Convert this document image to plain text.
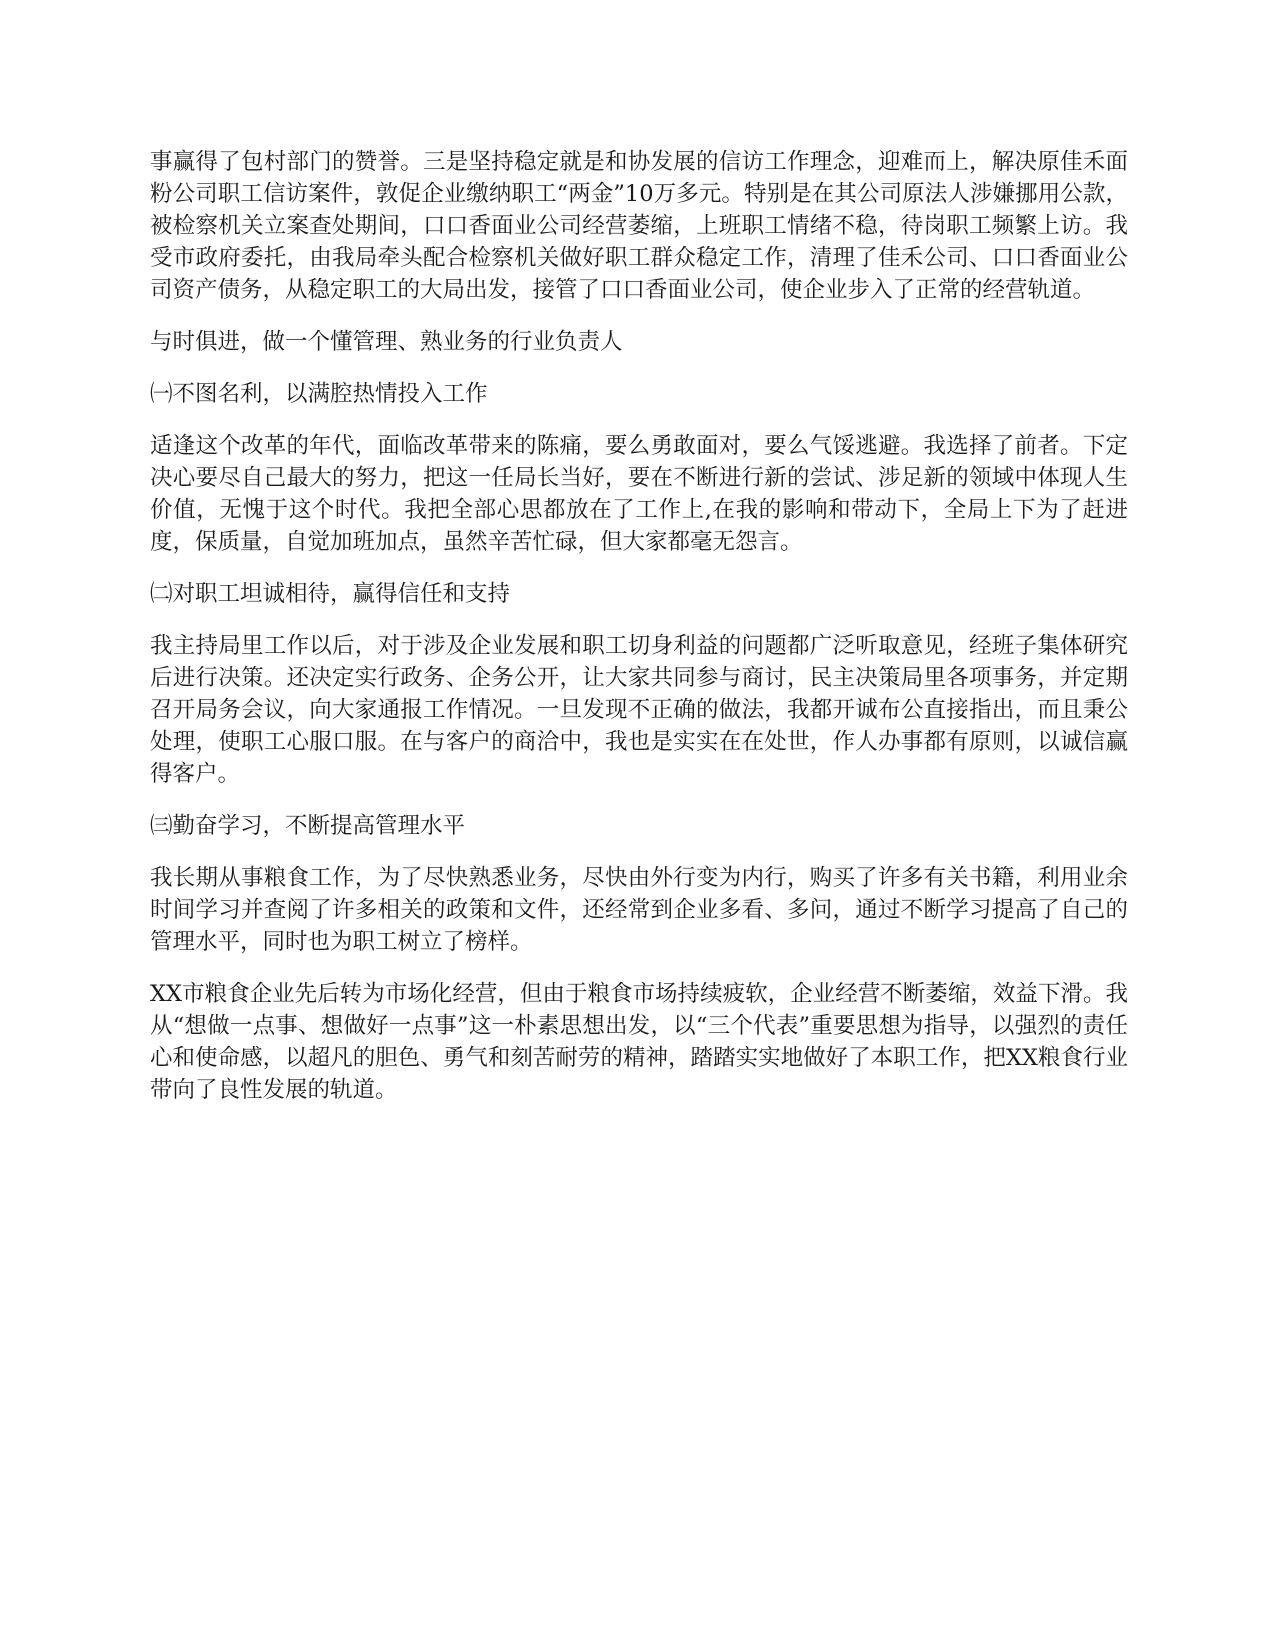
事赢得了包村部门的赞誉。三是坚持稳定就是和协发展的信访工作理念，迎难而上，解决原佳禾面粉公司职工信访案件，敦促企业缴纳职工“两金”10万多元。特别是在其公司原法人涉嫌挪用公款，被检察机关立案查处期间，口口香面业公司经营萎缩，上班职工情绪不稳，待岗职工频繁上访。我受市政府委托，由我局牵头配合检察机关做好职工群众稳定工作，清理了佳禾公司、口口香面业公司资产债务，从稳定职工的大局出发，接管了口口香面业公司，使企业步入了正常的经营轨道。

与时俱进，做一个懂管理、熟业务的行业负责人

㈠不图名利，以满腔热情投入工作

适逢这个改革的年代，面临改革带来的陈痛，要么勇敢面对，要么气馁逃避。我选择了前者。下定决心要尽自己最大的努力，把这一任局长当好，要在不断进行新的尝试、涉足新的领域中体现人生价值，无愧于这个时代。我把全部心思都放在了工作上,在我的影响和带动下，全局上下为了赶进度，保质量，自觉加班加点，虽然辛苦忙碌，但大家都毫无怨言。

㈡对职工坦诚相待，赢得信任和支持

我主持局里工作以后，对于涉及企业发展和职工切身利益的问题都广泛听取意见，经班子集体研究后进行决策。还决定实行政务、企务公开，让大家共同参与商讨，民主决策局里各项事务，并定期召开局务会议，向大家通报工作情况。一旦发现不正确的做法，我都开诚布公直接指出，而且秉公处理，使职工心服口服。在与客户的商洽中，我也是实实在在处世，作人办事都有原则，以诚信赢得客户。

㈢勤奋学习，不断提高管理水平

我长期从事粮食工作，为了尽快熟悉业务，尽快由外行变为内行，购买了许多有关书籍，利用业余时间学习并查阅了许多相关的政策和文件，还经常到企业多看、多问，通过不断学习提高了自己的管理水平，同时也为职工树立了榜样。

XX市粮食企业先后转为市场化经营，但由于粮食市场持续疲软，企业经营不断萎缩，效益下滑。我从“想做一点事、想做好一点事”这一朴素思想出发，以“三个代表”重要思想为指导，以强烈的责任心和使命感，以超凡的胆色、勇气和刻苦耐劳的精神，踏踏实实地做好了本职工作，把XX粮食行业带向了良性发展的轨道。
